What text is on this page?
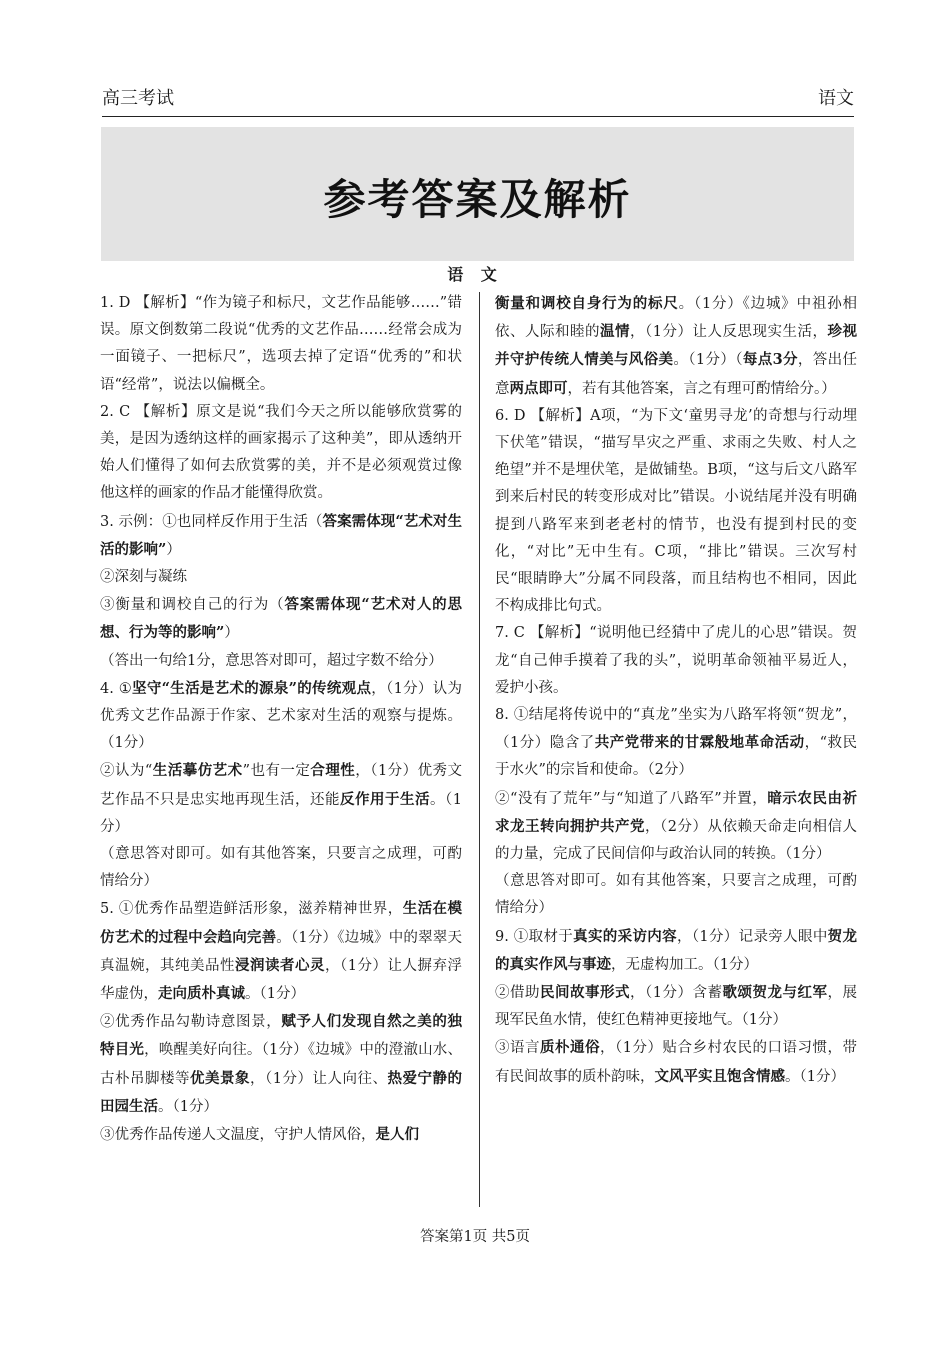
高三考试	语文
参考答案及解析
语 文

1. D 【解析】“作为镜子和标尺，文艺作品能够……”错误。原文倒数第二段说“优秀的文艺作品……经常会成为一面镜子、一把标尺”，选项去掉了定语“优秀的”和状语“经常”，说法以偏概全。

2. C 【解析】原文是说“我们今天之所以能够欣赏雾的美，是因为透纳这样的画家揭示了这种美”，即从透纳开始人们懂得了如何去欣赏雾的美，并不是必须观赏过像他这样的画家的作品才能懂得欣赏。

3. 示例：①也同样反作用于生活（答案需体现“艺术对生活的影响”）

②深刻与凝练

③衡量和调校自己的行为（答案需体现“艺术对人的思想、行为等的影响”）

（答出一句给1分，意思答对即可，超过字数不给分）

4. ①坚守“生活是艺术的源泉”的传统观点，（1分）认为优秀文艺作品源于作家、艺术家对生活的观察与提炼。（1分）

②认为“生活摹仿艺术”也有一定合理性，（1分）优秀文艺作品不只是忠实地再现生活，还能反作用于生活。（1分）

（意思答对即可。如有其他答案，只要言之成理，可酌情给分）

5. ①优秀作品塑造鲜活形象，滋养精神世界，生活在模仿艺术的过程中会趋向完善。（1分）《边城》中的翠翠天真温婉，其纯美品性浸润读者心灵，（1分）让人摒弃浮华虚伪，走向质朴真诚。（1分）

②优秀作品勾勒诗意图景，赋予人们发现自然之美的独特目光，唤醒美好向往。（1分）《边城》中的澄澈山水、古朴吊脚楼等优美景象，（1分）让人向往、热爱宁静的田园生活。（1分）

③优秀作品传递人文温度，守护人情风俗，是人们

衡量和调校自身行为的标尺。（1分）《边城》中祖孙相依、人际和睦的温情，（1分）让人反思现实生活，珍视并守护传统人情美与风俗美。（1分）（每点3分，答出任意两点即可，若有其他答案，言之有理可酌情给分。）

6. D 【解析】A项，“为下文‘童男寻龙’的奇想与行动埋下伏笔”错误，“描写旱灾之严重、求雨之失败、村人之绝望”并不是埋伏笔，是做铺垫。B项，“这与后文八路军到来后村民的转变形成对比”错误。小说结尾并没有明确提到八路军来到老老村的情节，也没有提到村民的变化，“对比”无中生有。C项，“排比”错误。三次写村民“眼睛睁大”分属不同段落，而且结构也不相同，因此不构成排比句式。

7. C 【解析】“说明他已经猜中了虎儿的心思”错误。贺龙“自己伸手摸着了我的头”，说明革命领袖平易近人，爱护小孩。

8. ①结尾将传说中的“真龙”坐实为八路军将领“贺龙”，（1分）隐含了共产党带来的甘霖般地革命活动，“救民于水火”的宗旨和使命。（2分）

②“没有了荒年”与“知道了八路军”并置，暗示农民由祈求龙王转向拥护共产党，（2分）从依赖天命走向相信人的力量，完成了民间信仰与政治认同的转换。（1分）

（意思答对即可。如有其他答案，只要言之成理，可酌情给分）

9. ①取材于真实的采访内容，（1分）记录旁人眼中贺龙的真实作风与事迹，无虚构加工。（1分）

②借助民间故事形式，（1分）含蓄歌颂贺龙与红军，展现军民鱼水情，使红色精神更接地气。（1分）

③语言质朴通俗，（1分）贴合乡村农民的口语习惯，带有民间故事的质朴韵味，文风平实且饱含情感。（1分）

答案第1页 共5页
